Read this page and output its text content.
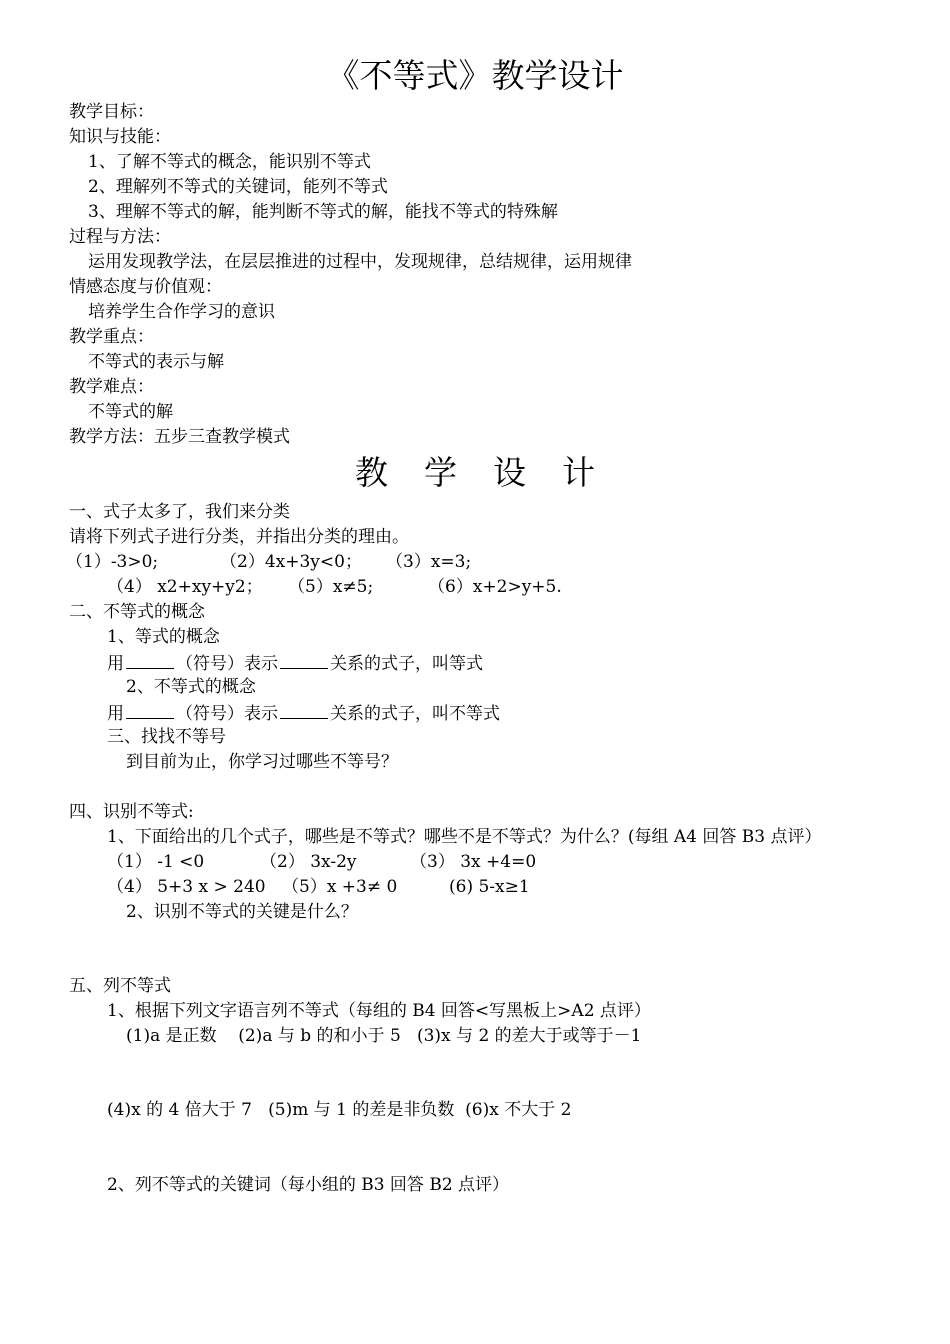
《不等式》教学设计
教学目标：
知识与技能：
1、了解不等式的概念，能识别不等式
2、理解列不等式的关键词，能列不等式
3、理解不等式的解，能判断不等式的解，能找不等式的特殊解
过程与方法：
运用发现教学法，在层层推进的过程中，发现规律，总结规律，运用规律
情感态度与价值观：
培养学生合作学习的意识
教学重点：
不等式的表示与解
教学难点：
不等式的解
教学方法：五步三查教学模式
教学设计
一、式子太多了，我们来分类
请将下列式子进行分类，并指出分类的理由。
（1）-3>0;	（2）4x+3y<0； （3）x=3;
（4） x2+xy+y2； （5）x≠5;	（6）x+2>y+5.
二、不等式的概念
1、等式的概念
用	（符号）表示	关系的式子，叫等式
2、不等式的概念
用	（符号）表示	关系的式子，叫不等式
三、找找不等号
到目前为止，你学习过哪些不等号？
四、识别不等式:
1、下面给出的几个式子，哪些是不等式？哪些不是不等式？为什么？(每组 A4 回答 B3 点评）
（1） -1 <0	（2） 3x-2y	（3） 3x +4=0
（4） 5+3 x > 240 （5）x +3≠ 0	(6) 5-x≥1
2、识别不等式的关键是什么？
五、列不等式
1、根据下列文字语言列不等式（每组的 B4 回答<写黑板上>A2 点评）
(1)a 是正数    (2)a 与 b 的和小于 5   (3)x 与 2 的差大于或等于－1
(4)x 的 4 倍大于 7   (5)m 与 1 的差是非负数  (6)x 不大于 2
2、列不等式的关键词（每小组的 B3 回答 B2 点评）
